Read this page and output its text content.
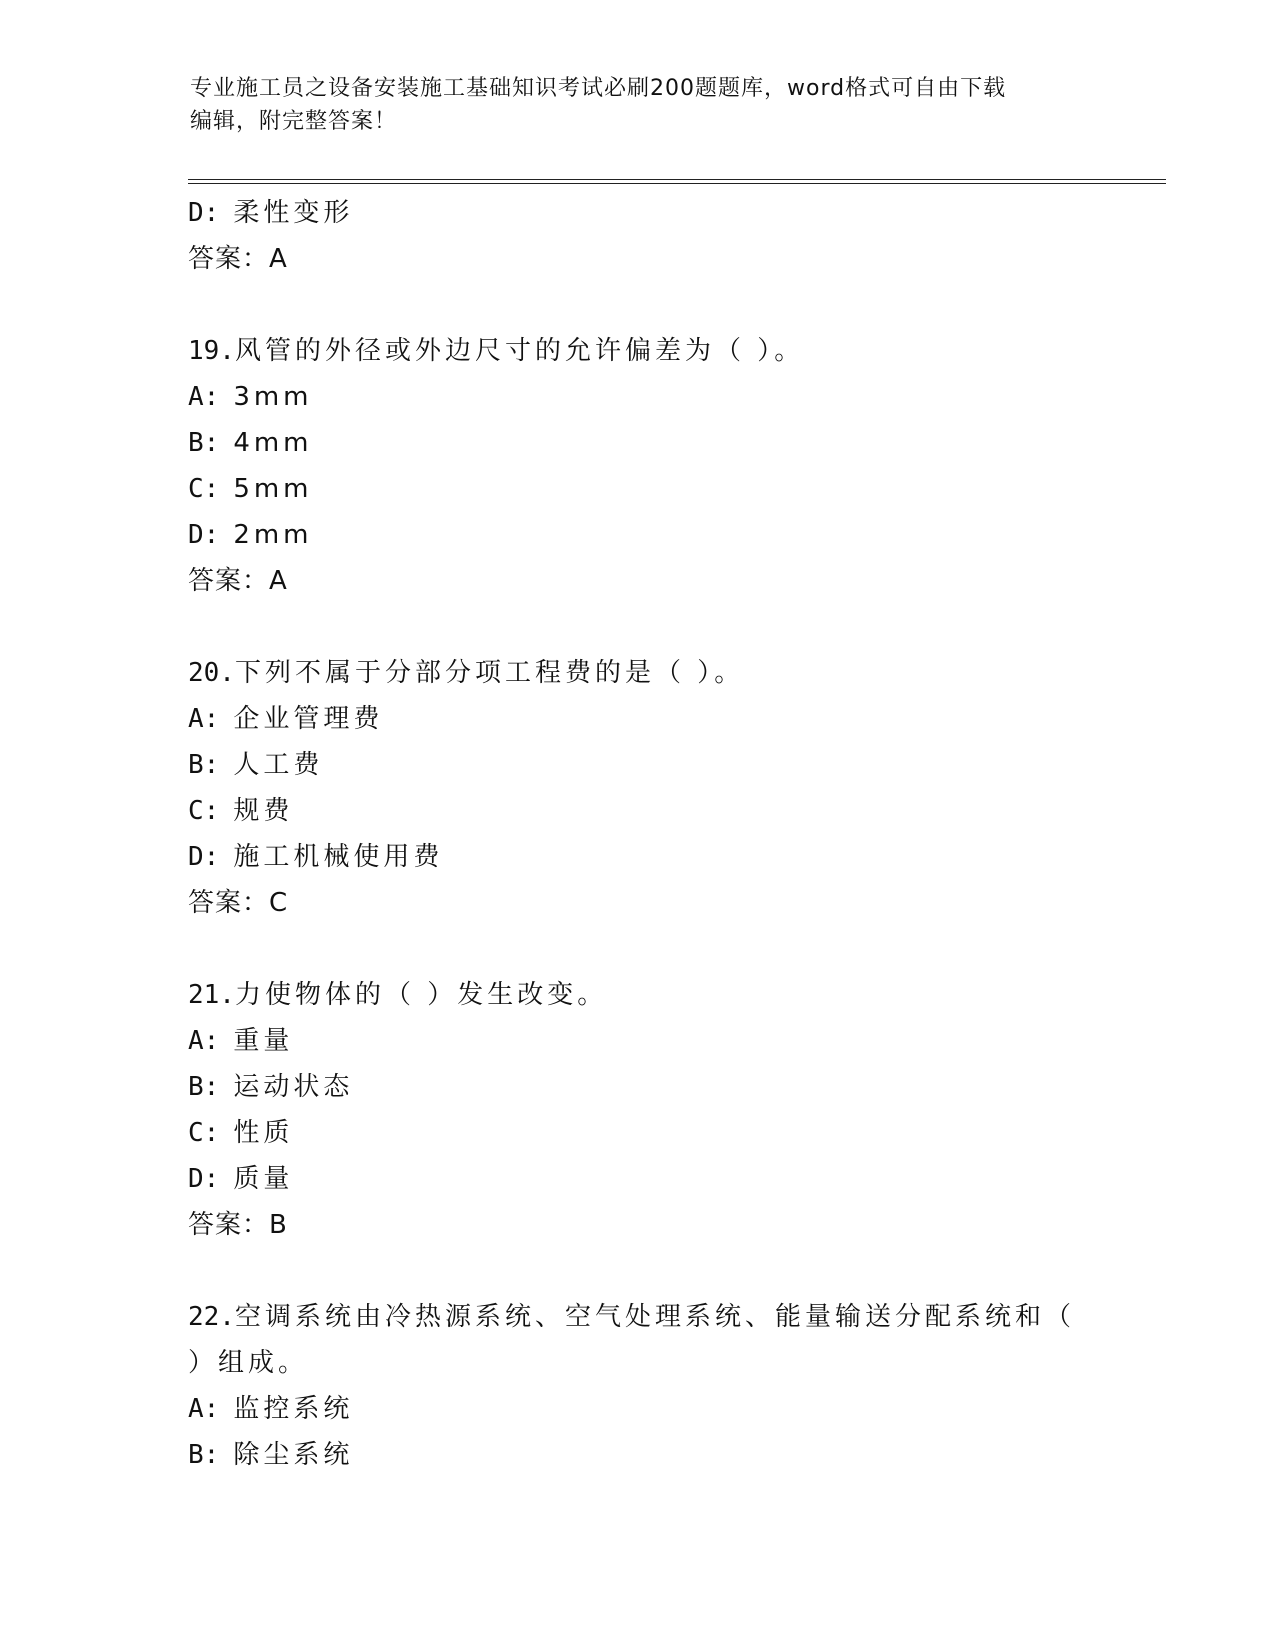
专业施工员之设备安装施工基础知识考试必刷200题题库，word格式可自由下载
编辑，附完整答案！
D: 柔性变形
答案：A
19.风管的外径或外边尺寸的允许偏差为（ ）。
A: 3mm
B: 4mm
C: 5mm
D: 2mm
答案：A
20.下列不属于分部分项工程费的是（ ）。
A: 企业管理费
B: 人工费
C: 规费
D: 施工机械使用费
答案：C
21.力使物体的（ ）发生改变。
A: 重量
B: 运动状态
C: 性质
D: 质量
答案：B
22.空调系统由冷热源系统、空气处理系统、能量输送分配系统和（
）组成。
A: 监控系统
B: 除尘系统
